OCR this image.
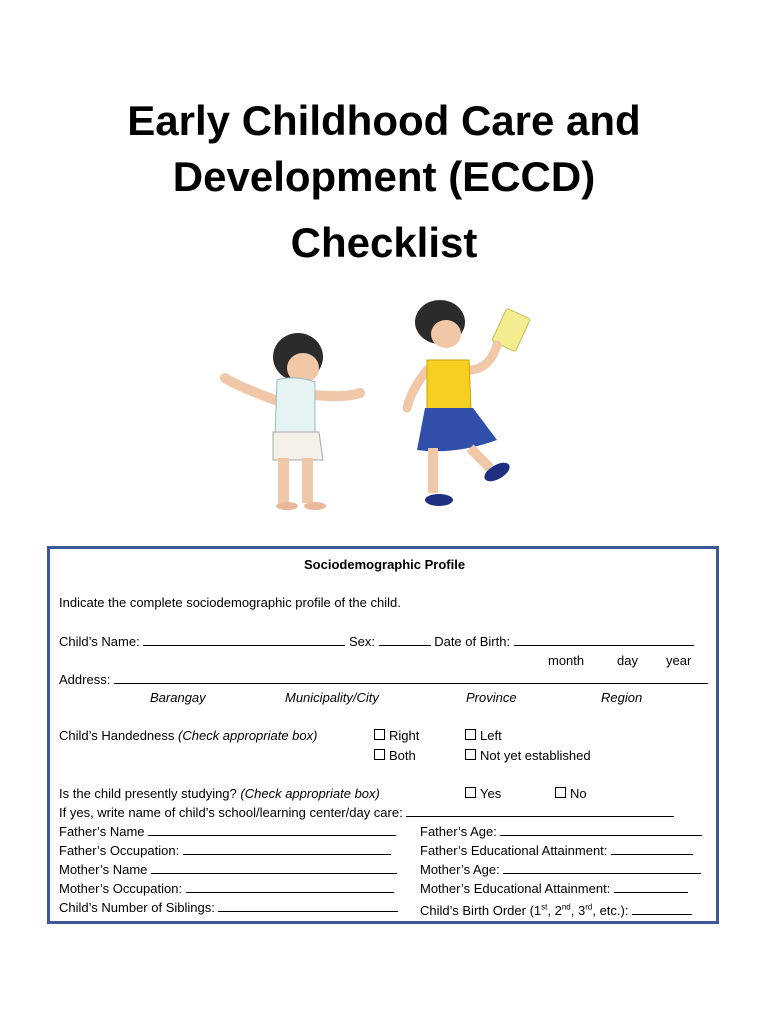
Early Childhood Care and
Development (ECCD)
Checklist
Sociodemographic Profile
Indicate the complete sociodemographic profile of the child.
Child’s Name:	Sex:	Date of Birth:
month	day year
Address:
Barangay	Municipality/City	Province	Region
Child’s Handedness (Check appropriate box)	Right	Left
Both	Not yet established
Is the child presently studying? (Check appropriate box)	Yes	No
If yes, write name of child’s school/learning center/day care:
Father’s Name	Father’s Age:
Father’s Occupation:	Father’s Educational Attainment:
Mother’s Name	Mother’s Age:
Mother’s Occupation:	Mother’s Educational Attainment:
Child’s Number of Siblings:	Child’s Birth Order (1st, 2nd, 3rd, etc.):
